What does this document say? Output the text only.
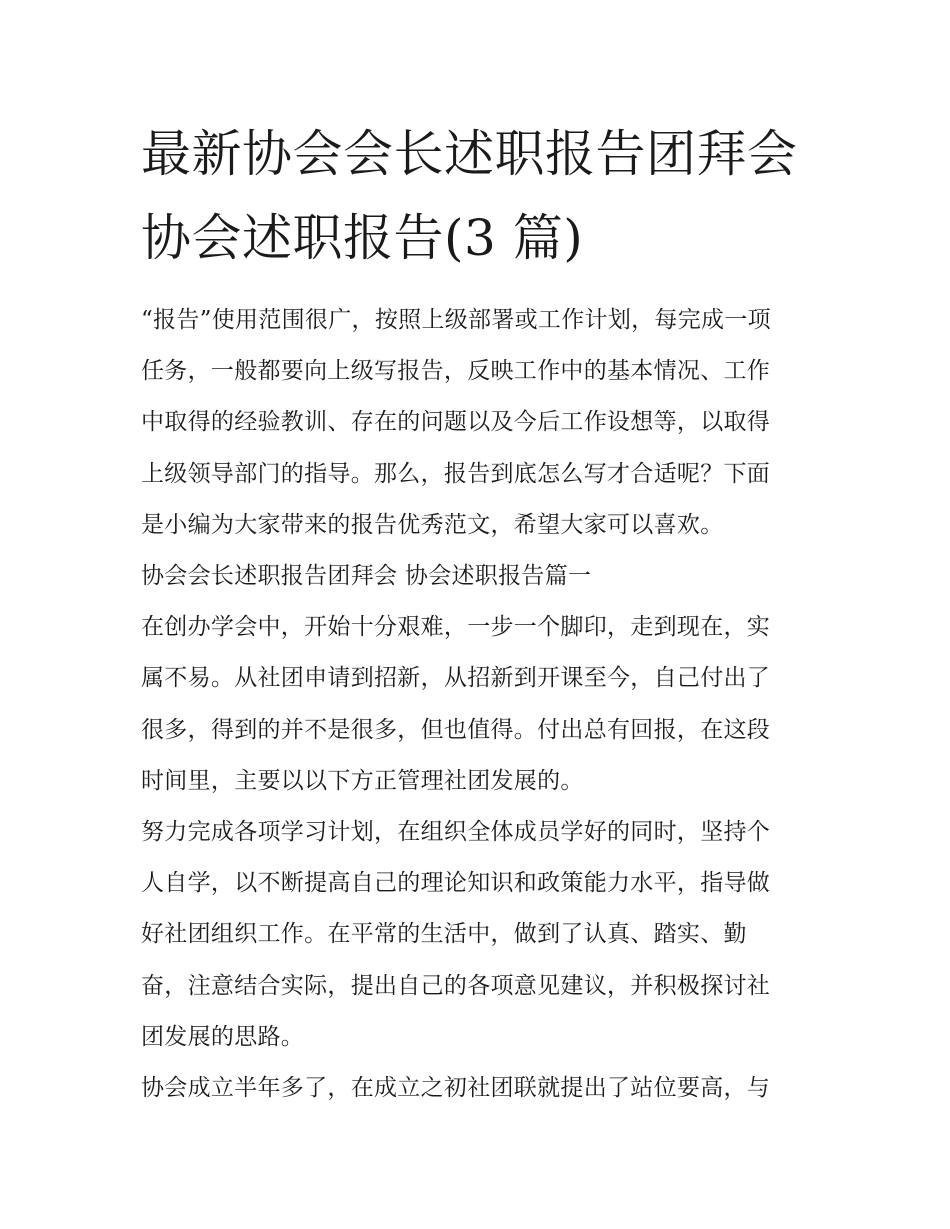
最新协会会长述职报告团拜会
协会述职报告(3 篇)
“报告”使用范围很广，按照上级部署或工作计划，每完成一项
任务，一般都要向上级写报告，反映工作中的基本情况、工作
中取得的经验教训、存在的问题以及今后工作设想等，以取得
上级领导部门的指导。那么，报告到底怎么写才合适呢？下面
是小编为大家带来的报告优秀范文，希望大家可以喜欢。
协会会长述职报告团拜会 协会述职报告篇一
在创办学会中，开始十分艰难，一步一个脚印，走到现在，实
属不易。从社团申请到招新，从招新到开课至今，自己付出了
很多，得到的并不是很多，但也值得。付出总有回报，在这段
时间里，主要以以下方正管理社团发展的。
努力完成各项学习计划，在组织全体成员学好的同时，坚持个
人自学，以不断提高自己的理论知识和政策能力水平，指导做
好社团组织工作。在平常的生活中，做到了认真、踏实、勤
奋，注意结合实际，提出自己的各项意见建议，并积极探讨社
团发展的思路。
协会成立半年多了，在成立之初社团联就提出了站位要高，与
